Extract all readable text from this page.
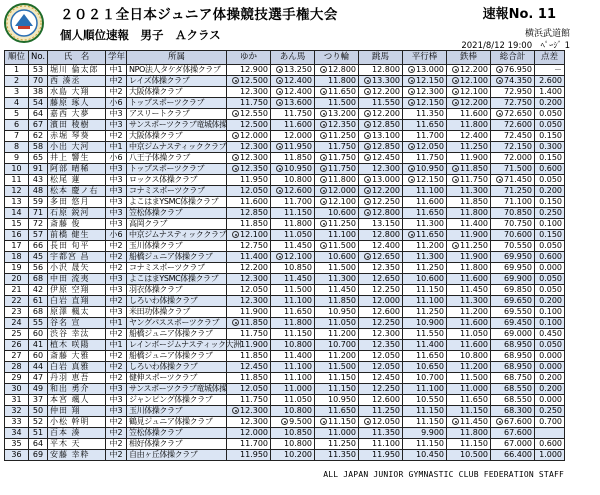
２０２１全日本ジュニア体操競技選手権大会	速報No. 11
個人順位速報　男子　Ａクラス	横浜武道館
2021/8/12 19:00　ﾍﾟｰｼﾞ 1
順位	No.	氏　名	学年	所属	ゆか	あん馬	つり輪	跳馬	平行棒	鉄棒	総合計	点差
1	53	堀川 倫太郎	中1	NPO法人タケダ体操クラブ	12.900	13.250	12.800	12.800	13.000	12.200	76.950	－
2	70	西 湊丞	中2	レイズ体操クラブ	12.500	12.400	11.800	13.300	12.150	12.100	74.350	2.600
3	38	水島 大翔	中2	大阪体操クラブ	12.300	12.400	11.650	12.200	12.300	12.100	72.950	1.400
4	54	藤原 琢人	小6	トップスポーツクラブ	11.750	13.600	11.500	11.550	12.150	12.200	72.750	0.200
5	64	嘉西 大夢	中3	アスリートクラブ	12.550	11.750	13.200	12.200	11.350	11.600	72.650	0.050
6	67	濱田 稜樹	中3	サンスポーツクラブ竜城体操	12.500	11.600	12.350	12.850	11.650	11.800	72.600	0.050
7	62	赤堀 琴葵	中2	大阪体操クラブ	12.000	12.000	11.250	13.100	11.700	12.400	72.450	0.150
8	58	小出 大河	中1	中京ジムナスティッククラブ	12.300	11.950	11.750	12.850	12.050	11.250	72.150	0.300
9	65	井上 響生	小6	八王子体操クラブ	12.300	11.850	11.750	12.450	11.750	11.900	72.000	0.150
10	91	阿部 晴稀	中3	トップスポーツクラブ	12.350	10.950	11.750	12.300	10.950	11.850	71.500	0.600
11	43	松尾 蓮	中3	ロックス体操クラブ	11.950	10.800	11.800	13.000	12.150	11.750	71.450	0.050
12	48	松本 慶ノ右	中3	コナミスポーツクラブ	12.050	12.600	12.000	12.200	11.100	11.300	71.250	0.200
13	59	多田 悠月	中3	よこはまYSMC体操クラブ	11.600	11.700	12.100	12.250	11.600	11.850	71.100	0.150
14	71	石原 鋭河	中3	笠松体操クラブ	12.850	11.150	10.600	12.800	11.650	11.800	70.850	0.250
15	72	斎藤 俊	中3	高岡クラブ	11.850	11.800	11.250	13.150	11.300	11.400	70.750	0.100
16	57	前橋 健生	小6	中京ジムナスティッククラブ	12.100	11.050	11.100	12.800	11.650	11.900	70.600	0.150
17	66	長田 旬平	中2	玉川体操クラブ	12.750	11.450	11.500	12.400	11.200	11.250	70.550	0.050
18	45	宇都宮 昌	中2	船橋ジュニア体操クラブ	11.400	12.100	10.600	12.650	11.300	11.900	69.950	0.600
19	56	小沢 晟矢	中2	コナミスポーツクラブ	12.200	10.850	11.500	12.350	11.250	11.800	69.950	0.000
20	68	中田 流夷	中3	よこはまYSMC体操クラブ	12.300	11.450	11.300	12.650	10.600	11.600	69.900	0.050
21	42	伊原 空翔	中3	羽衣体操クラブ	12.050	11.500	11.450	12.250	11.150	11.450	69.850	0.050
22	61	白岩 直翔	中2	しろいわ体操クラブ	12.300	11.100	11.850	12.000	11.100	11.300	69.650	0.200
23	68	原澤 楓太	中3	米田功体操クラブ	11.900	11.650	10.950	12.600	11.250	11.200	69.550	0.100
24	55	谷名 宣	中1	ヤングパススポーツクラブ	11.850	11.800	11.050	12.250	10.900	11.600	69.450	0.100
25	60	渋谷 幸汰	中2	船橋ジュニア体操クラブ	11.750	11.150	11.200	12.300	11.550	11.050	69.000	0.450
26	41	植木 咲陽	中1	レインボージムナスティック大洲	11.900	10.800	10.700	12.350	11.400	11.600	68.950	0.050
27	60	斎藤 大雅	中2	船橋ジュニア体操クラブ	11.850	11.400	11.200	12.050	11.650	10.800	68.950	0.000
28	44	白岩 真雅	中2	しろいわ体操クラブ	12.450	11.100	11.500	12.050	10.650	11.200	68.950	0.000
29	47	丹羽 恵吾	中2	健伸スポーツクラブ	11.850	11.100	11.150	12.450	10.700	11.500	68.750	0.200
30	49	和出 勇介	中3	サンスポーツクラブ竜城体操	12.050	11.000	11.150	12.250	11.100	11.000	68.550	0.200
31	37	本宮 颯人	中3	ジャンピング体操クラブ	11.750	11.050	10.950	12.600	10.550	11.650	68.550	0.000
32	50	仲田 翔	中3	玉川体操クラブ	12.300	10.800	11.650	11.250	11.150	11.150	68.300	0.250
33	52	小松 幹明	中2	鶴見ジュニア体操クラブ	12.300	9.500	11.150	12.050	11.150	11.450	67.600	0.700
34	51	百本 湊	中2	笠松体操クラブ	12.000	10.850	11.000	11.350	9.900	11.800	67.600	
35	64	平木 天	中2	相好体操クラブ	11.700	10.800	11.250	11.100	11.150	11.150	67.000	0.600
36	69	安藤 幸粋	中2	自由ヶ丘体操クラブ	11.950	10.200	11.350	11.950	10.450	10.500	66.400	1.000
ALL JAPAN JUNIOR GYMNASTIC CLUB FEDERATION STAFF
